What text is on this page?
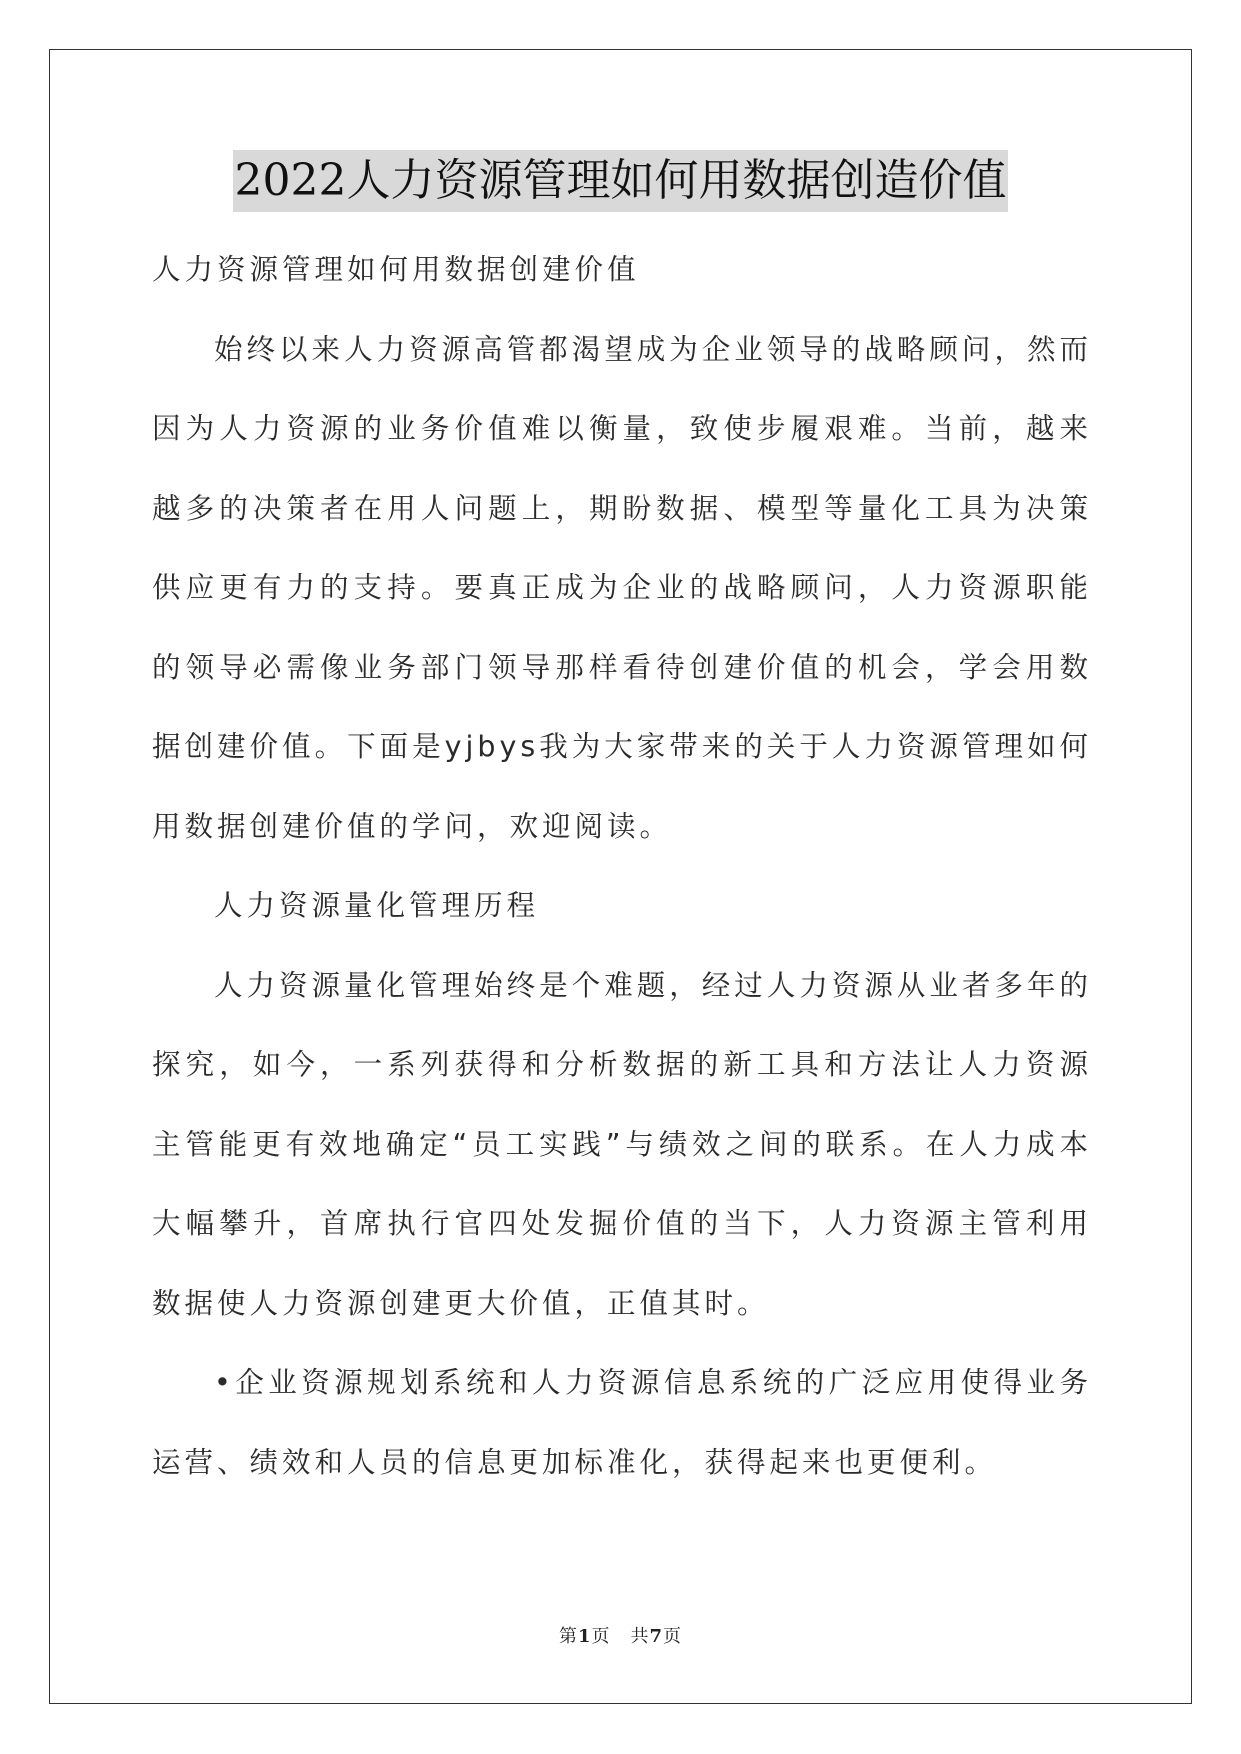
2022人力资源管理如何用数据创造价值

人力资源管理如何用数据创建价值

始终以来人力资源高管都渴望成为企业领导的战略顾问，然而因为人力资源的业务价值难以衡量，致使步履艰难。当前，越来越多的决策者在用人问题上，期盼数据、模型等量化工具为决策供应更有力的支持。要真正成为企业的战略顾问，人力资源职能的领导必需像业务部门领导那样看待创建价值的机会，学会用数据创建价值。下面是yjbys我为大家带来的关于人力资源管理如何用数据创建价值的学问，欢迎阅读。

人力资源量化管理历程

人力资源量化管理始终是个难题，经过人力资源从业者多年的探究，如今，一系列获得和分析数据的新工具和方法让人力资源主管能更有效地确定“员工实践”与绩效之间的联系。在人力成本大幅攀升，首席执行官四处发掘价值的当下，人力资源主管利用数据使人力资源创建更大价值，正值其时。

•企业资源规划系统和人力资源信息系统的广泛应用使得业务运营、绩效和人员的信息更加标准化，获得起来也更便利。

第1页 共7页
